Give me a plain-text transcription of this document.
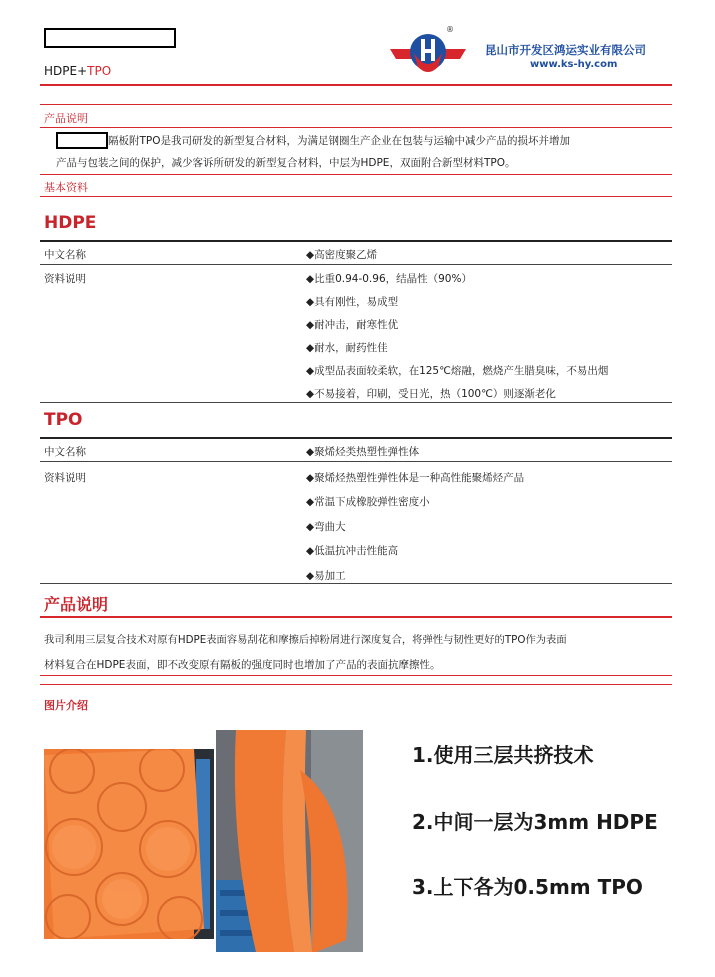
HDPE+TPO
®
昆山市开发区鸿运实业有限公司
www.ks-hy.com
产品说明
隔板附TPO是我司研发的新型复合材料，为满足钢圈生产企业在包装与运输中减少产品的损坏并增加
产品与包装之间的保护，减少客诉所研发的新型复合材料，中层为HDPE，双面附合新型材料TPO。
基本资料
HDPE
中文名称	◆高密度聚乙烯
资料说明	◆比重0.94-0.96，结晶性（90%）
◆具有刚性，易成型
◆耐冲击，耐寒性优
◆耐水，耐药性佳
◆成型品表面较柔软，在125℃熔融，燃烧产生腊臭味，不易出烟
◆不易接着，印刷，受日光，热（100℃）则逐渐老化
TPO
中文名称	◆聚烯烃类热塑性弹性体
资料说明	◆聚烯烃热塑性弹性体是一种高性能聚烯烃产品
◆常温下成橡胶弹性密度小
◆弯曲大
◆低温抗冲击性能高
◆易加工
产品说明
我司利用三层复合技术对原有HDPE表面容易刮花和摩擦后掉粉屑进行深度复合，将弹性与韧性更好的TPO作为表面
材料复合在HDPE表面，即不改变原有隔板的强度同时也增加了产品的表面抗摩擦性。
图片介绍
1.使用三层共挤技术
2.中间一层为3mm HDPE
3.上下各为0.5mm TPO
